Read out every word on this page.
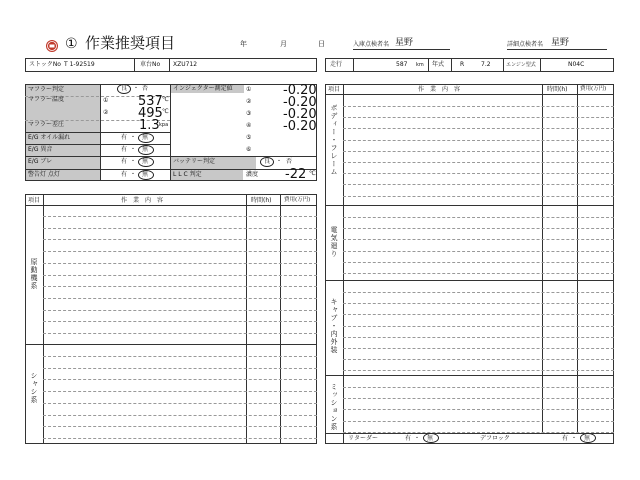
① 作業推奨項目	年	月	日	入庫点検者名 星野	詳細点検者名 星野
ストックNo T 1-92519	車台No XZU712	走行	587 km 年式	R	7.2	エンジン型式	N04C
マフラー判定	良 ・ 否
マフラー温度	① 537 ℃
② 495 ℃
マフラー差圧	1.3 kpa
E/G オイル漏れ	有 ・ 無
E/G 異音	有 ・ 無
E/G ブレ	有 ・ 無
警告灯 点灯	有 ・ 無
インジェクター測定値 ① -0.20
② -0.20
③ -0.20
④ -0.20
⑤
⑥
バッテリー判定	良 ・ 否
L L C 判定	濃度 -22 ℃
項目	作　業　内　容	時間(h) 費用(万円)
原動機系
シャシ系
項目	作　業　内　容	時間(h) 費用(万円)
ボディー・フレーム
電気廻り
キャブ・内外装
ミッション系
リターダー	有 ・ 無	デフロック	有 ・ 無
